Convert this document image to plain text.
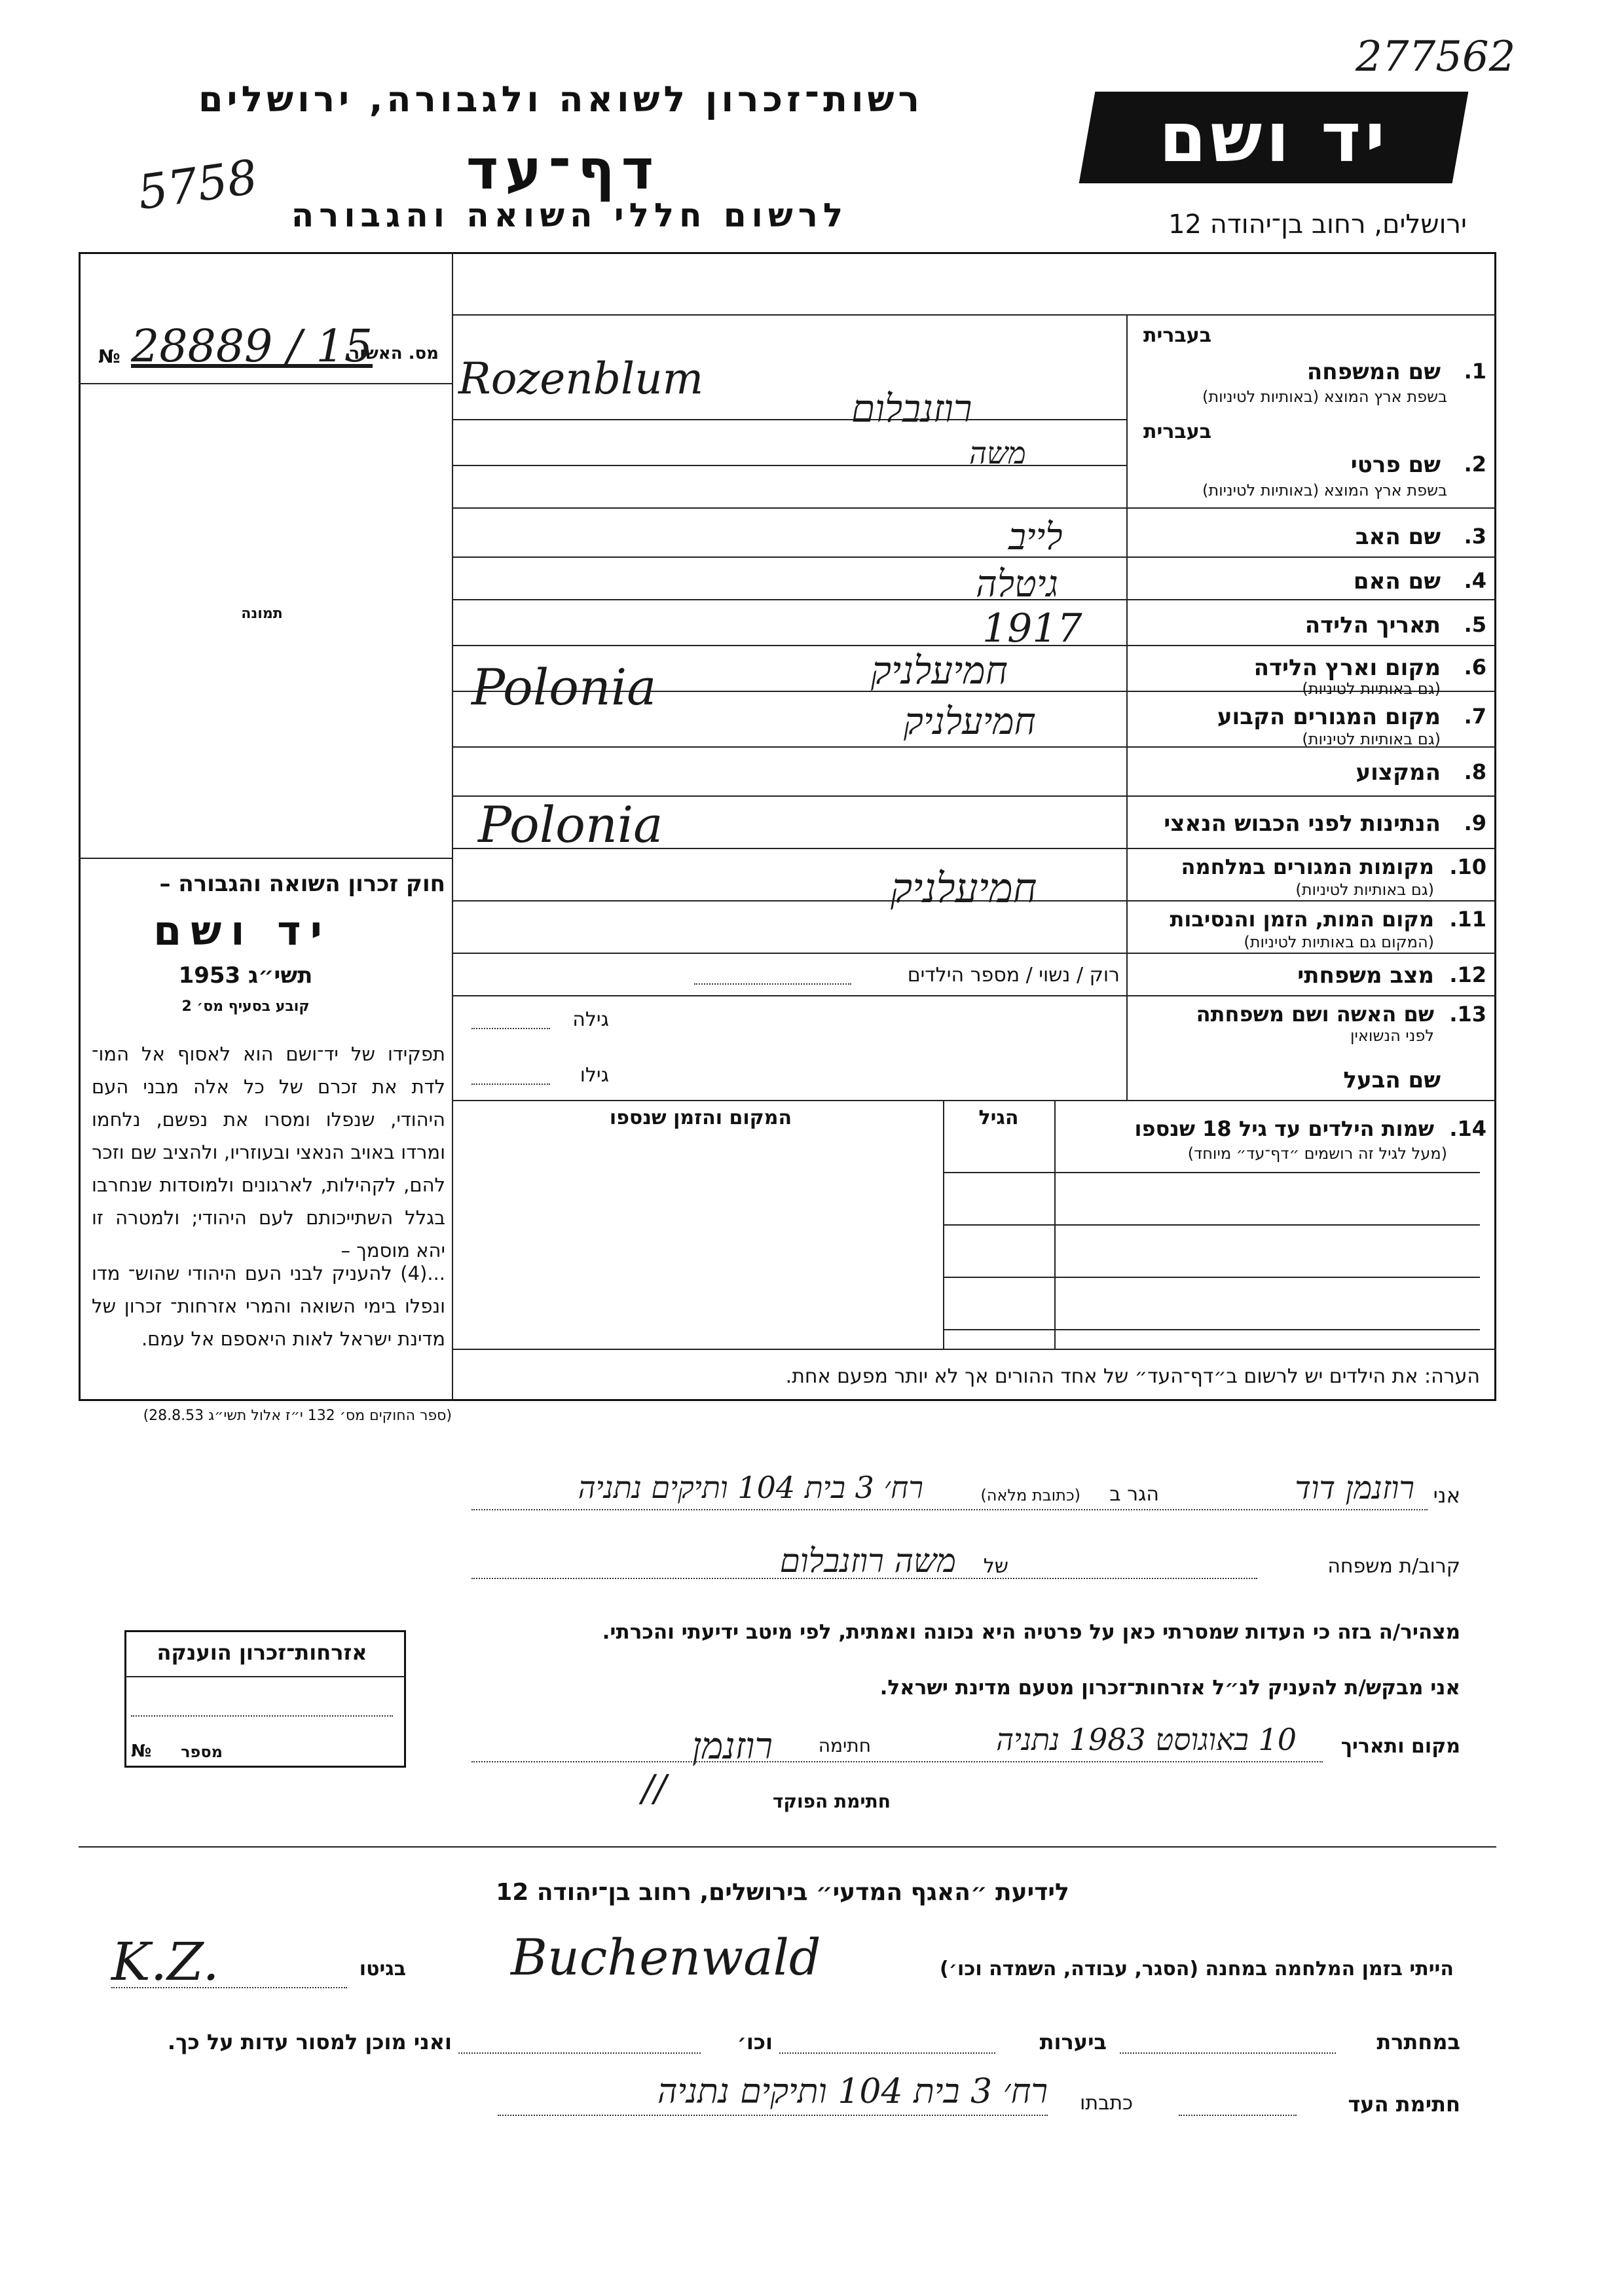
277562
רשות־זכרון לשואה ולגבורה, ירושלים
דף־עד
לרשום חללי השואה והגבורה
5758
יד ושם
ירושלים, רחוב בן־יהודה 12
מס. האשור
№ 28889 / 15
תמונה
חוק זכרון השואה והגבורה –
יד ושם
תשי״ג 1953
קובע בסעיף מס׳ 2
תפקידו של יד־ושם הוא לאסוף אל המו־ לדת את זכרם של כל אלה מבני העם היהודי, שנפלו ומסרו את נפשם, נלחמו ומרדו באויב הנאצי ובעוזריו, ולהציב שם וזכר להם, לקהילות, לארגונים ולמוסדות שנחרבו בגלל השתייכותם לעם היהודי; ולמטרה זו יהא מוסמך –
...(4) להעניק לבני העם היהודי שהוש־ מדו ונפלו בימי השואה והמרי אזרחות־ זכרון של מדינת ישראל לאות היאספם אל עמם.
(ספר החוקים מס׳ 132 י״ז אלול תשי״ג 28.8.53)
בעברית
1.
שם המשפחה
בשפת ארץ המוצא (באותיות לטיניות)
בעברית
2.
שם פרטי
בשפת ארץ המוצא (באותיות לטיניות)
3.
שם האב
4.
שם האם
5.
תאריך הלידה
6.
מקום וארץ הלידה
(גם באותיות לטיניות)
7.
מקום המגורים הקבוע
(גם באותיות לטיניות)
8.
המקצוע
9.
הנתינות לפני הכבוש הנאצי
10.
מקומות המגורים במלחמה
(גם באותיות לטיניות)
11.
מקום המות, הזמן והנסיבות
(המקום גם באותיות לטיניות)
12.
מצב משפחתי
13.
שם האשה ושם משפחתה
לפני הנשואין
שם הבעל
Rozenblum
רוזנבלום
משה
לייב
גיטלה
1917
Polonia	חמיעלניק
חמיעלניק
Polonia
חמיעלניק
רוק / נשוי / מספר הילדים
גילה
גילו
14.
שמות הילדים עד גיל 18 שנספו
(מעל לגיל זה רושמים ״דף־עד״ מיוחד)
הגיל
המקום והזמן שנספו
הערה: את הילדים יש לרשום ב״דף־העד״ של אחד ההורים אך לא יותר מפעם אחת.
אני
רוזנמן דוד
הגר ב
(כתובת מלאה)
רח׳ 3 בית 104 ותיקים נתניה
קרוב/ת משפחה
של
משה רוזנבלום
מצהיר/ה בזה כי העדות שמסרתי כאן על פרטיה היא נכונה ואמתית, לפי מיטב ידיעתי והכרתי.
אני מבקש/ת להעניק לנ״ל אזרחות־זכרון מטעם מדינת ישראל.
מקום ותאריך
10 באוגוסט 1983 נתניה
חתימה
רוזנמן
חתימת הפוקד
//
אזרחות־זכרון הוענקה
מספר
№
לידיעת ״האגף המדעי״ בירושלים, רחוב בן־יהודה 12
הייתי בזמן המלחמה במחנה (הסגר, עבודה, השמדה וכו׳)
Buchenwald
בגיטו
K.Z.
במחתרת
ביערות
וכו׳
ואני מוכן למסור עדות על כך.
חתימת העד
כתבתו
רח׳ 3 בית 104 ותיקים נתניה
